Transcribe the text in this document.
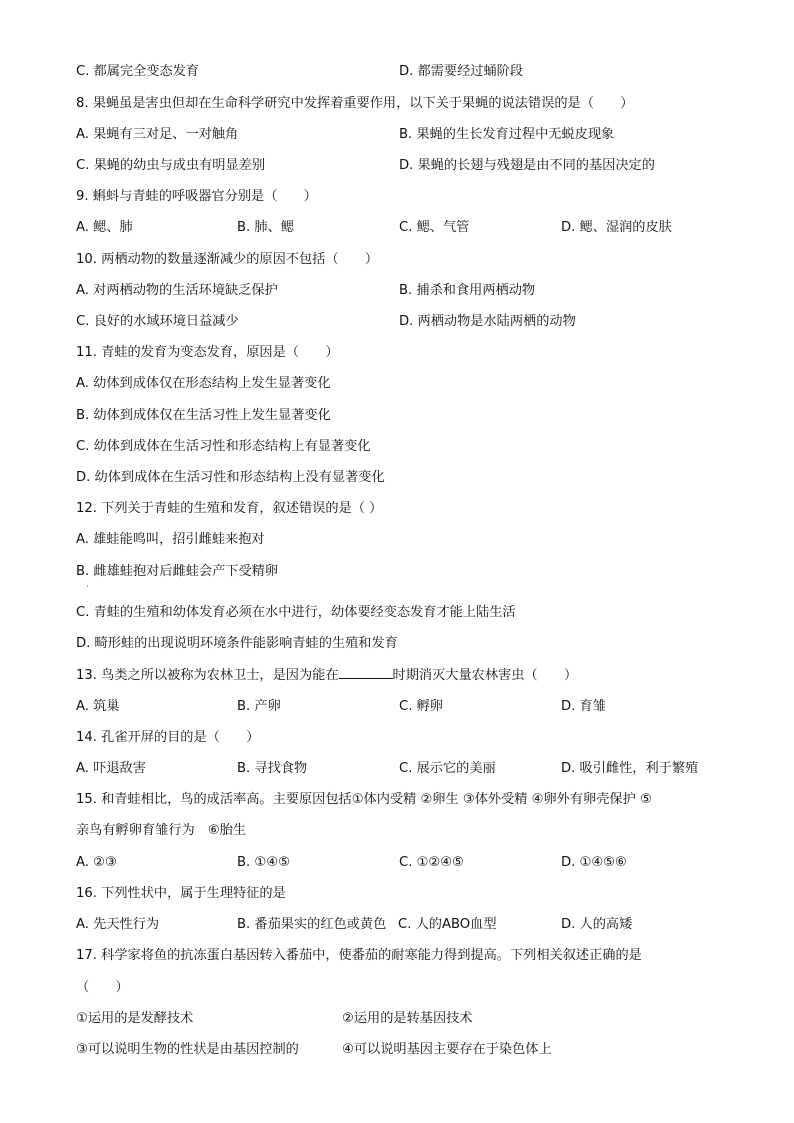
C. 都属完全变态发育	D. 都需要经过蛹阶段
8. 果蝇虽是害虫但却在生命科学研究中发挥着重要作用，以下关于果蝇的说法错误的是（　　）
A. 果蝇有三对足、一对触角	B. 果蝇的生长发育过程中无蜕皮现象
C. 果蝇的幼虫与成虫有明显差别	D. 果蝇的长翅与残翅是由不同的基因决定的
9. 蝌蚪与青蛙的呼吸器官分别是（　　）
A. 鳃、肺	B. 肺、鳃	C. 鳃、气管	D. 鳃、湿润的皮肤
10. 两栖动物的数量逐渐减少的原因不包括（　　）
A. 对两栖动物的生活环境缺乏保护	B. 捕杀和食用两栖动物
C. 良好的水域环境日益减少	D. 两栖动物是水陆两栖的动物
11. 青蛙的发育为变态发育，原因是（　　）
A. 幼体到成体仅在形态结构上发生显著变化
B. 幼体到成体仅在生活习性上发生显著变化
C. 幼体到成体在生活习性和形态结构上有显著变化
D. 幼体到成体在生活习性和形态结构上没有显著变化
12. 下列关于青蛙的生殖和发育，叙述错误的是（ ）
A. 雄蛙能鸣叫，招引雌蛙来抱对
B. 雌雄蛙抱对后雌蛙会产下受精卵
·
C. 青蛙的生殖和幼体发育必须在水中进行，幼体要经变态发育才能上陆生活
D. 畸形蛙的出现说明环境条件能影响青蛙的生殖和发育
13. 鸟类之所以被称为农林卫士，是因为能在	时期消灭大量农林害虫（　　）
A. 筑巢	B. 产卵	C. 孵卵	D. 育雏
14. 孔雀开屏的目的是（　　）
A. 吓退敌害	B. 寻找食物	C. 展示它的美丽	D. 吸引雌性，利于繁殖
15. 和青蛙相比，鸟的成活率高。主要原因包括①体内受精 ②卵生 ③体外受精 ④卵外有卵壳保护 ⑤
亲鸟有孵卵育雏行为　⑥胎生
A. ②③	B. ①④⑤	C. ①②④⑤	D. ①④⑤⑥
16. 下列性状中，属于生理特征的是
A. 先天性行为	B. 番茄果实的红色或黄色 C. 人的ABO血型	D. 人的高矮
17. 科学家将鱼的抗冻蛋白基因转入番茄中，使番茄的耐寒能力得到提高。下列相关叙述正确的是
（　　）
①运用的是发酵技术	②运用的是转基因技术
③可以说明生物的性状是由基因控制的	④可以说明基因主要存在于染色体上
